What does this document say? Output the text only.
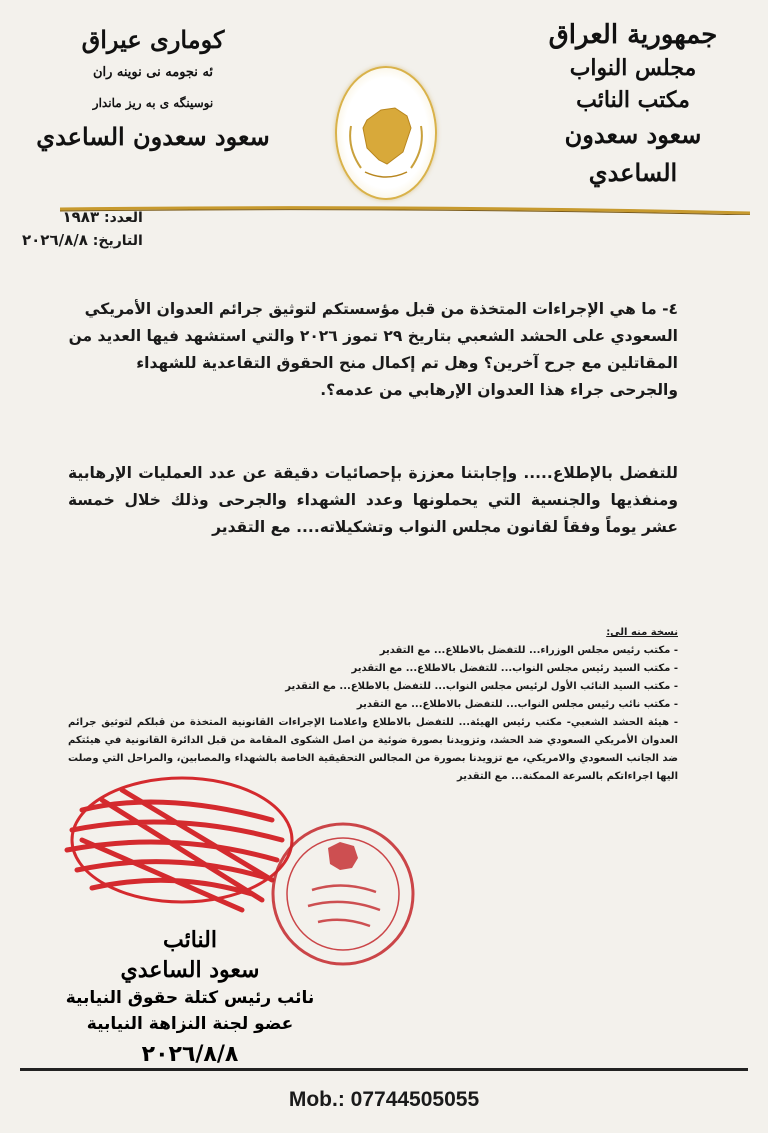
جمهورية العراق
مجلس النواب
مكتب النائب
سعود سعدون الساعدي
كوماری عیراق
ئه نجومه نی نوینه ران
نوسینگه ی به ریز ماندار
سعود سعدون الساعدي
العدد: ١٩٨٣
التاريخ: ٢٠٢٦/٨/٨
٤- ما هي الإجراءات المتخذة من قبل مؤسستكم لتوثيق جرائم العدوان الأمريكي السعودي على الحشد الشعبي بتاريخ ٢٩ تموز ٢٠٢٦ والتي استشهد فيها العديد من المقاتلين مع جرح آخرين؟ وهل تم إكمال منح الحقوق التقاعدية للشهداء والجرحى جراء هذا العدوان الإرهابي من عدمه؟.
للتفضل بالإطلاع..... وإجابتنا معززة بإحصائيات دقيقة عن عدد العمليات الإرهابية ومنفذيها والجنسية التي يحملونها وعدد الشهداء والجرحى وذلك خلال خمسة عشر يوماً وفقاً لقانون مجلس النواب وتشكيلاته.... مع التقدير
نسخة منه الى:
- مكتب رئيس مجلس الوزراء... للتفضل بالاطلاع... مع التقدير
- مكتب السيد رئيس مجلس النواب... للتفضل بالاطلاع... مع التقدير
- مكتب السيد النائب الأول لرئيس مجلس النواب... للتفضل بالاطلاع... مع التقدير
- مكتب نائب رئيس مجلس النواب... للتفضل بالاطلاع... مع التقدير
- هيئة الحشد الشعبي- مكتب رئيس الهيئة... للتفضل بالاطلاع واعلامنا الإجراءات القانونية المتخذة من قبلكم لتوثيق جرائم العدوان الأمريكي السعودي ضد الحشد، وتزويدنا بصورة ضوئية من اصل الشكوى المقامة من قبل الدائرة القانونية في هيئتكم ضد الجانب السعودي والامريكي، مع تزويدنا بصورة من المجالس التحقيقية الخاصة بالشهداء والمصابين، والمراحل التي وصلت اليها اجراءاتكم بالسرعة الممكنة... مع التقدير
النائب
سعود الساعدي
نائب رئيس كتلة حقوق النيابية
عضو لجنة النزاهة النيابية
٢٠٢٦/٨/٨
Mob.: 07744505055
